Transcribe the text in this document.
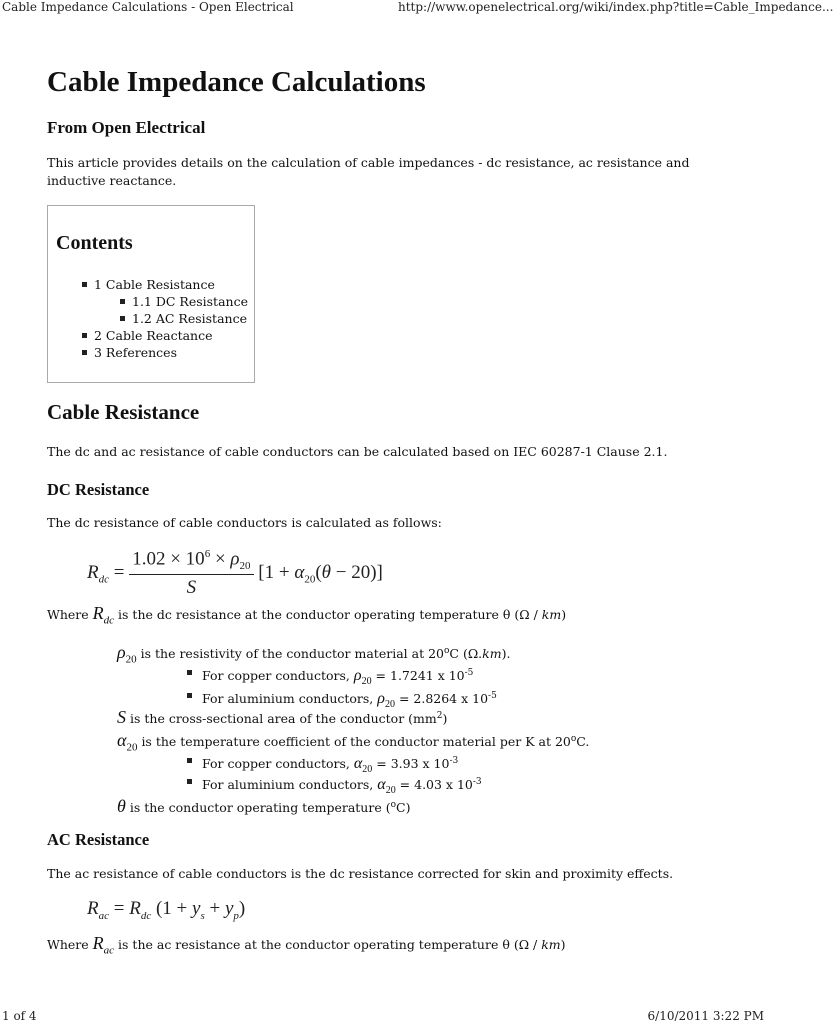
Cable Impedance Calculations - Open Electrical	http://www.openelectrical.org/wiki/index.php?title=Cable_Impedance...
Cable Impedance Calculations
From Open Electrical
This article provides details on the calculation of cable impedances - dc resistance, ac resistance and
inductive reactance.
Contents
1 Cable Resistance
1.1 DC Resistance
1.2 AC Resistance
2 Cable Reactance
3 References
Cable Resistance
The dc and ac resistance of cable conductors can be calculated based on IEC 60287-1 Clause 2.1.
DC Resistance
The dc resistance of cable conductors is calculated as follows:
$R_{dc} = \frac{1.02 \times 10^6 \times \rho_{20}}{S} [1 + \alpha_{20}(\theta - 20)]$
Where $R_{dc}$ is the dc resistance at the conductor operating temperature θ (Ω / km)
$\rho_{20}$ is the resistivity of the conductor material at 20$^o$C (Ω.km).
For copper conductors, $\rho_{20} = 1.7241$ x $10^{-5}$
For aluminium conductors, $\rho_{20} = 2.8264$ x $10^{-5}$
S is the cross-sectional area of the conductor $(mm^2)$
$\alpha_{20}$ is the temperature coefficient of the conductor material per K at 20$^o$C.
For copper conductors, $\alpha_{20} = 3.93$ x $10^{-3}$
For aluminium conductors, $\alpha_{20} = 4.03$ x $10^{-3}$
θ is the conductor operating temperature ($^o$C)
AC Resistance
The ac resistance of cable conductors is the dc resistance corrected for skin and proximity effects.
$R_{ac} = R_{dc}$ $(1 + y_s + y_p)$
Where $R_{ac}$ is the ac resistance at the conductor operating temperature θ (Ω / km)
1 of 4	6/10/2011 3:22 PM
